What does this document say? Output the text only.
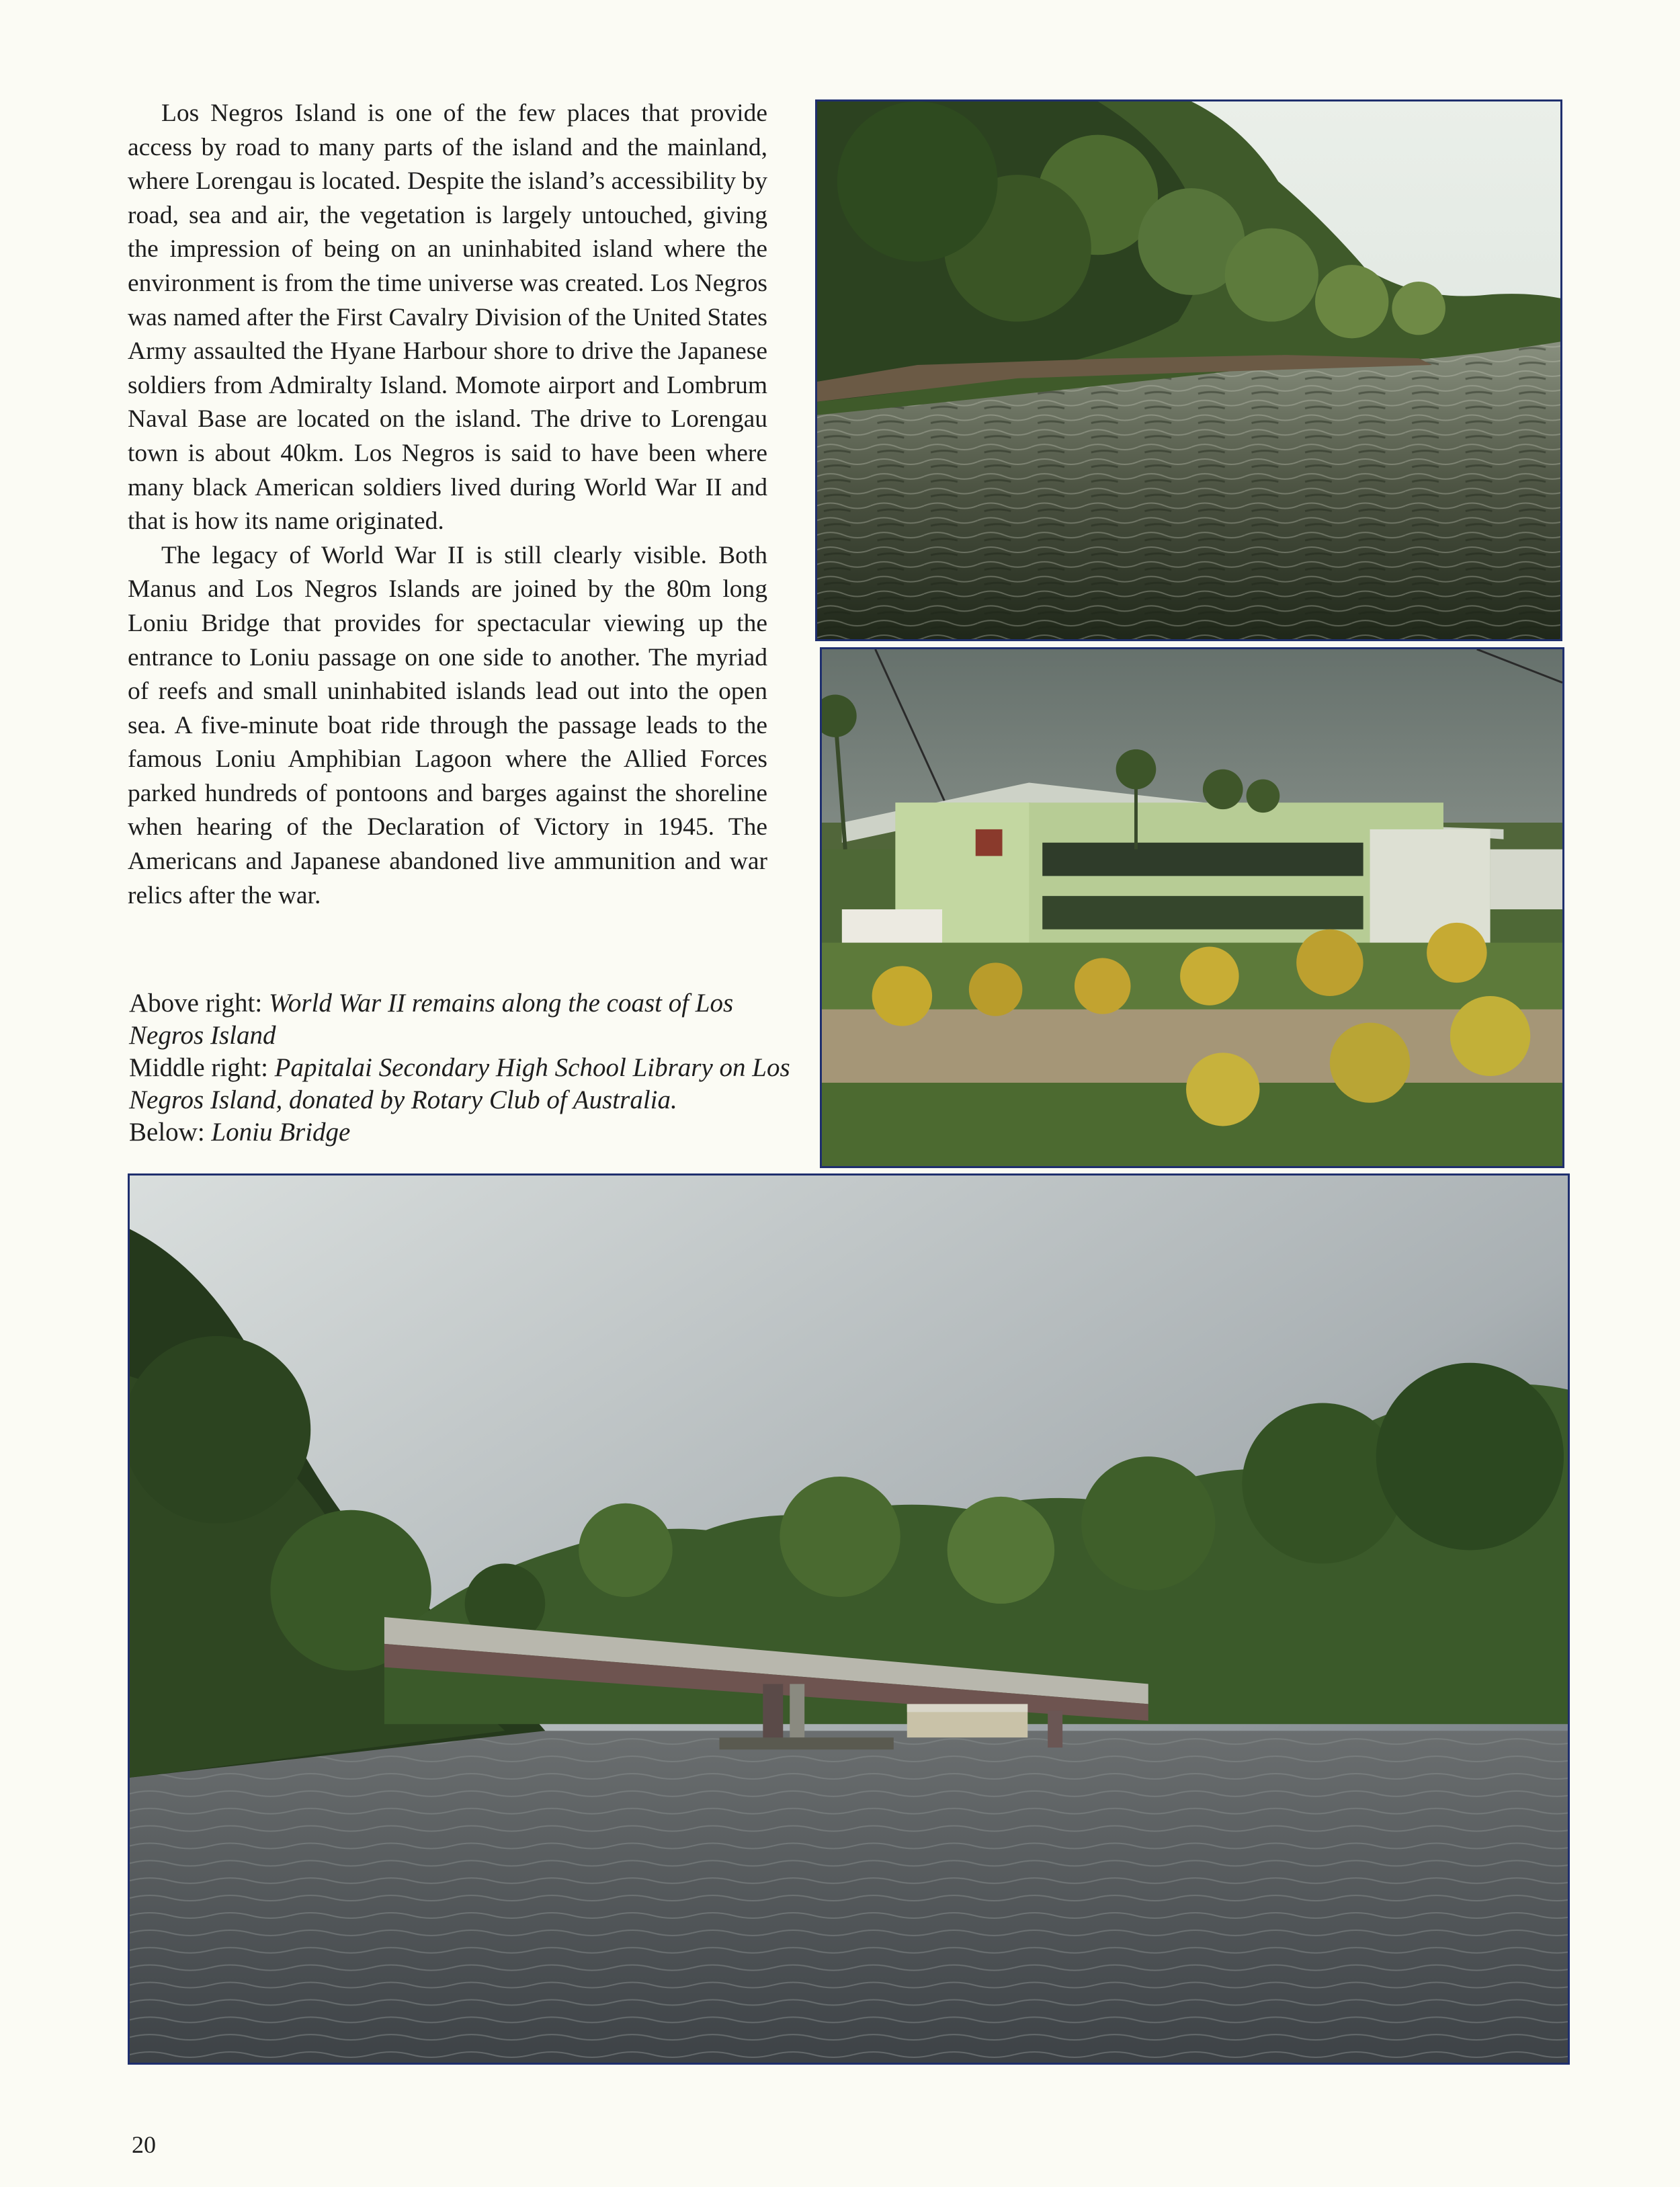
Los Negros Island is one of the few places that provide access by road to many parts of the island and the mainland, where Lorengau is located. Despite the island’s accessibility by road, sea and air, the vegetation is largely untouched, giving the impression of being on an uninhabited island where the environment is from the time universe was created. Los Negros was named after the First Cavalry Division of the United States Army assaulted the Hyane Harbour shore to drive the Japanese soldiers from Admiralty Island. Momote airport and Lombrum Naval Base are located on the island. The drive to Lorengau town is about 40km. Los Negros is said to have been where many black American soldiers lived during World War II and that is how its name originated.

The legacy of World War II is still clearly visible. Both Manus and Los Negros Islands are joined by the 80m long Loniu Bridge that provides for spectacular viewing up the entrance to Loniu passage on one side to another. The myriad of reefs and small uninhabited islands lead out into the open sea. A five-minute boat ride through the passage leads to the famous Loniu Amphibian Lagoon where the Allied Forces parked hundreds of pontoons and barges against the shoreline when hearing of the Declaration of Victory in 1945. The Americans and Japanese abandoned live ammunition and war relics after the war.

Above right: World War II remains along the coast of Los Negros Island
Middle right: Papitalai Secondary High School Library on Los Negros Island, donated by Rotary Club of Australia.
Below: Loniu Bridge
20
